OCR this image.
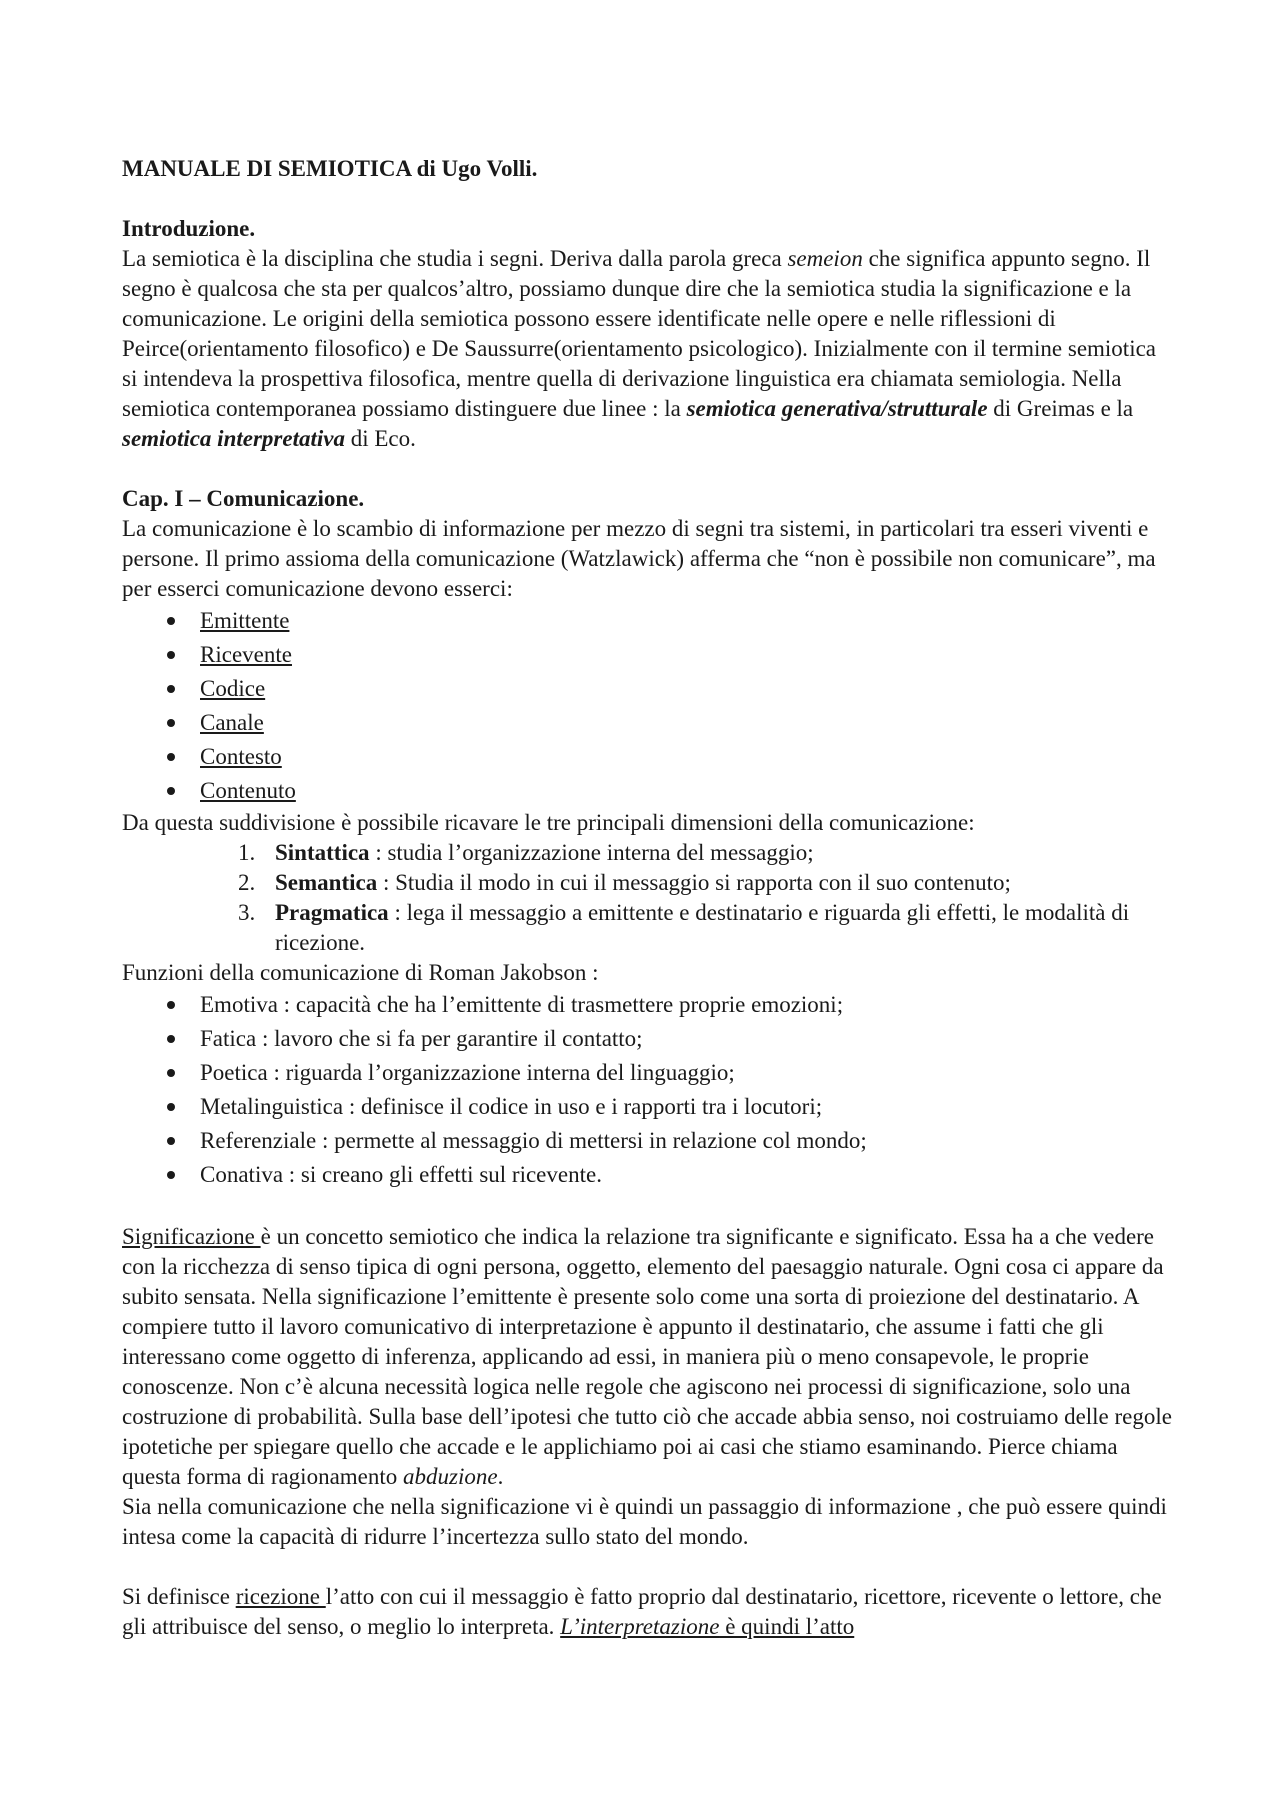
MANUALE DI SEMIOTICA di Ugo Volli.

Introduzione.

La semiotica è la disciplina che studia i segni. Deriva dalla parola greca semeion che significa appunto segno. Il segno è qualcosa che sta per qualcos’altro, possiamo dunque dire che la semiotica studia la significazione e la comunicazione. Le origini della semiotica possono essere identificate nelle opere e nelle riflessioni di Peirce(orientamento filosofico) e De Saussurre(orientamento psicologico). Inizialmente con il termine semiotica si intendeva la prospettiva filosofica, mentre quella di derivazione linguistica era chiamata semiologia. Nella semiotica contemporanea possiamo distinguere due linee : la semiotica generativa/strutturale di Greimas e la semiotica interpretativa di Eco.

Cap. I – Comunicazione.

La comunicazione è lo scambio di informazione per mezzo di segni tra sistemi, in particolari tra esseri viventi e persone. Il primo assioma della comunicazione (Watzlawick) afferma che “non è possibile non comunicare”, ma per esserci comunicazione devono esserci:

Emittente
Ricevente
Codice
Canale
Contesto
Contenuto

Da questa suddivisione è possibile ricavare le tre principali dimensioni della comunicazione:

1. Sintattica : studia l’organizzazione interna del messaggio;
2. Semantica : Studia il modo in cui il messaggio si rapporta con il suo contenuto;
3. Pragmatica : lega il messaggio a emittente e destinatario e riguarda gli effetti, le modalità di ricezione.

Funzioni della comunicazione di Roman Jakobson :

Emotiva : capacità che ha l’emittente di trasmettere proprie emozioni;
Fatica : lavoro che si fa per garantire il contatto;
Poetica : riguarda l’organizzazione interna del linguaggio;
Metalinguistica : definisce il codice in uso e i rapporti tra i locutori;
Referenziale : permette al messaggio di mettersi in relazione col mondo;
Conativa : si creano gli effetti sul ricevente.

Significazione è un concetto semiotico che indica la relazione tra significante e significato. Essa ha a che vedere con la ricchezza di senso tipica di ogni persona, oggetto, elemento del paesaggio naturale. Ogni cosa ci appare da subito sensata. Nella significazione l’emittente è presente solo come una sorta di proiezione del destinatario. A compiere tutto il lavoro comunicativo di interpretazione è appunto il destinatario, che assume i fatti che gli interessano come oggetto di inferenza, applicando ad essi, in maniera più o meno consapevole, le proprie conoscenze. Non c’è alcuna necessità logica nelle regole che agiscono nei processi di significazione, solo una costruzione di probabilità. Sulla base dell’ipotesi che tutto ciò che accade abbia senso, noi costruiamo delle regole ipotetiche per spiegare quello che accade e le applichiamo poi ai casi che stiamo esaminando. Pierce chiama questa forma di ragionamento abduzione.

Sia nella comunicazione che nella significazione vi è quindi un passaggio di informazione , che può essere quindi intesa come la capacità di ridurre l’incertezza sullo stato del mondo.

Si definisce ricezione l’atto con cui il messaggio è fatto proprio dal destinatario, ricettore, ricevente o lettore, che gli attribuisce del senso, o meglio lo interpreta. L’interpretazione è quindi l’atto
